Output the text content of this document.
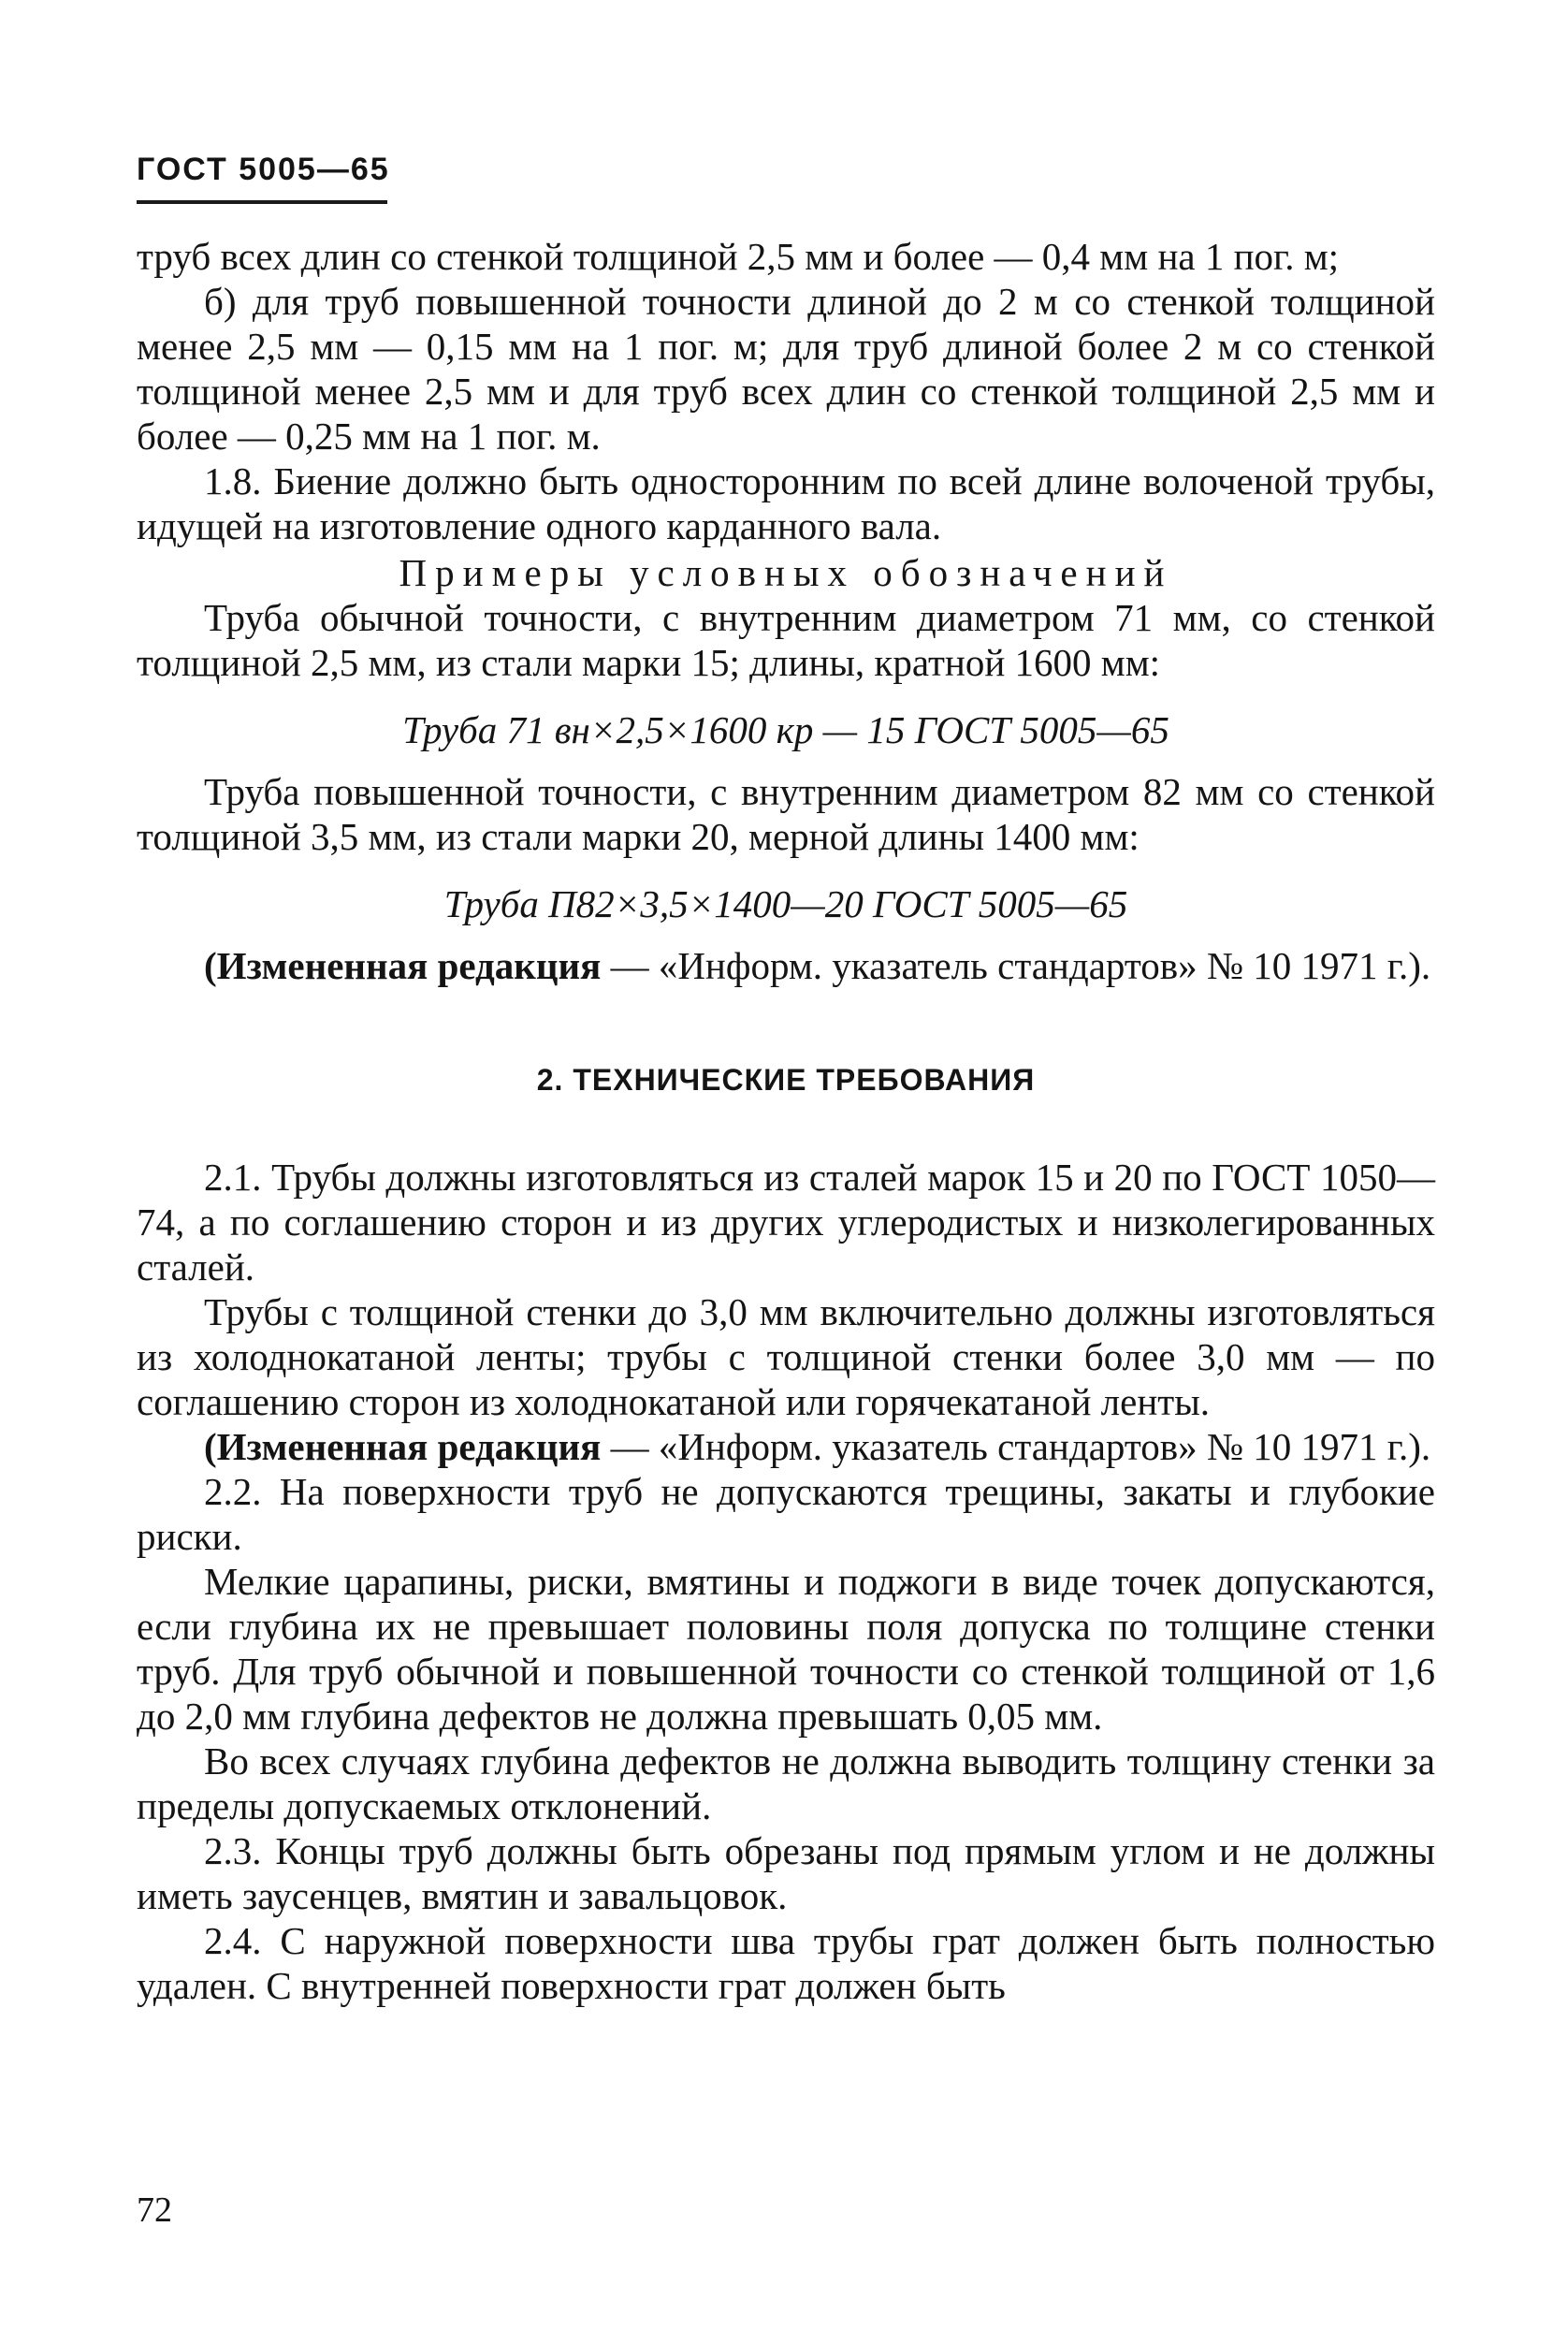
ГОСТ 5005—65

труб всех длин со стенкой толщиной 2,5 мм и более — 0,4 мм на 1 пог. м;

б) для труб повышенной точности длиной до 2 м со стенкой толщиной менее 2,5 мм — 0,15 мм на 1 пог. м; для труб длиной более 2 м со стенкой толщиной менее 2,5 мм и для труб всех длин со стенкой толщиной 2,5 мм и более — 0,25 мм на 1 пог. м.

1.8. Биение должно быть односторонним по всей длине волоченой трубы, идущей на изготовление одного карданного вала.

Примеры условных обозначений

Труба обычной точности, с внутренним диаметром 71 мм, со стенкой толщиной 2,5 мм, из стали марки 15; длины, кратной 1600 мм:

Труба 71 вн×2,5×1600 кр — 15 ГОСТ 5005—65

Труба повышенной точности, с внутренним диаметром 82 мм со стенкой толщиной 3,5 мм, из стали марки 20, мерной длины 1400 мм:

Труба П82×3,5×1400—20 ГОСТ 5005—65

(Измененная редакция — «Информ. указатель стандартов» № 10 1971 г.).

2. ТЕХНИЧЕСКИЕ ТРЕБОВАНИЯ

2.1. Трубы должны изготовляться из сталей марок 15 и 20 по ГОСТ 1050—74, а по соглашению сторон и из других углеродистых и низколегированных сталей.

Трубы с толщиной стенки до 3,0 мм включительно должны изготовляться из холоднокатаной ленты; трубы с толщиной стенки более 3,0 мм — по соглашению сторон из холоднокатаной или горячекатаной ленты.

(Измененная редакция — «Информ. указатель стандартов» № 10 1971 г.).

2.2. На поверхности труб не допускаются трещины, закаты и глубокие риски.

Мелкие царапины, риски, вмятины и поджоги в виде точек допускаются, если глубина их не превышает половины поля допуска по толщине стенки труб. Для труб обычной и повышенной точности со стенкой толщиной от 1,6 до 2,0 мм глубина дефектов не должна превышать 0,05 мм.

Во всех случаях глубина дефектов не должна выводить толщину стенки за пределы допускаемых отклонений.

2.3. Концы труб должны быть обрезаны под прямым углом и не должны иметь заусенцев, вмятин и завальцовок.

2.4. С наружной поверхности шва трубы грат должен быть полностью удален. С внутренней поверхности грат должен быть

72
